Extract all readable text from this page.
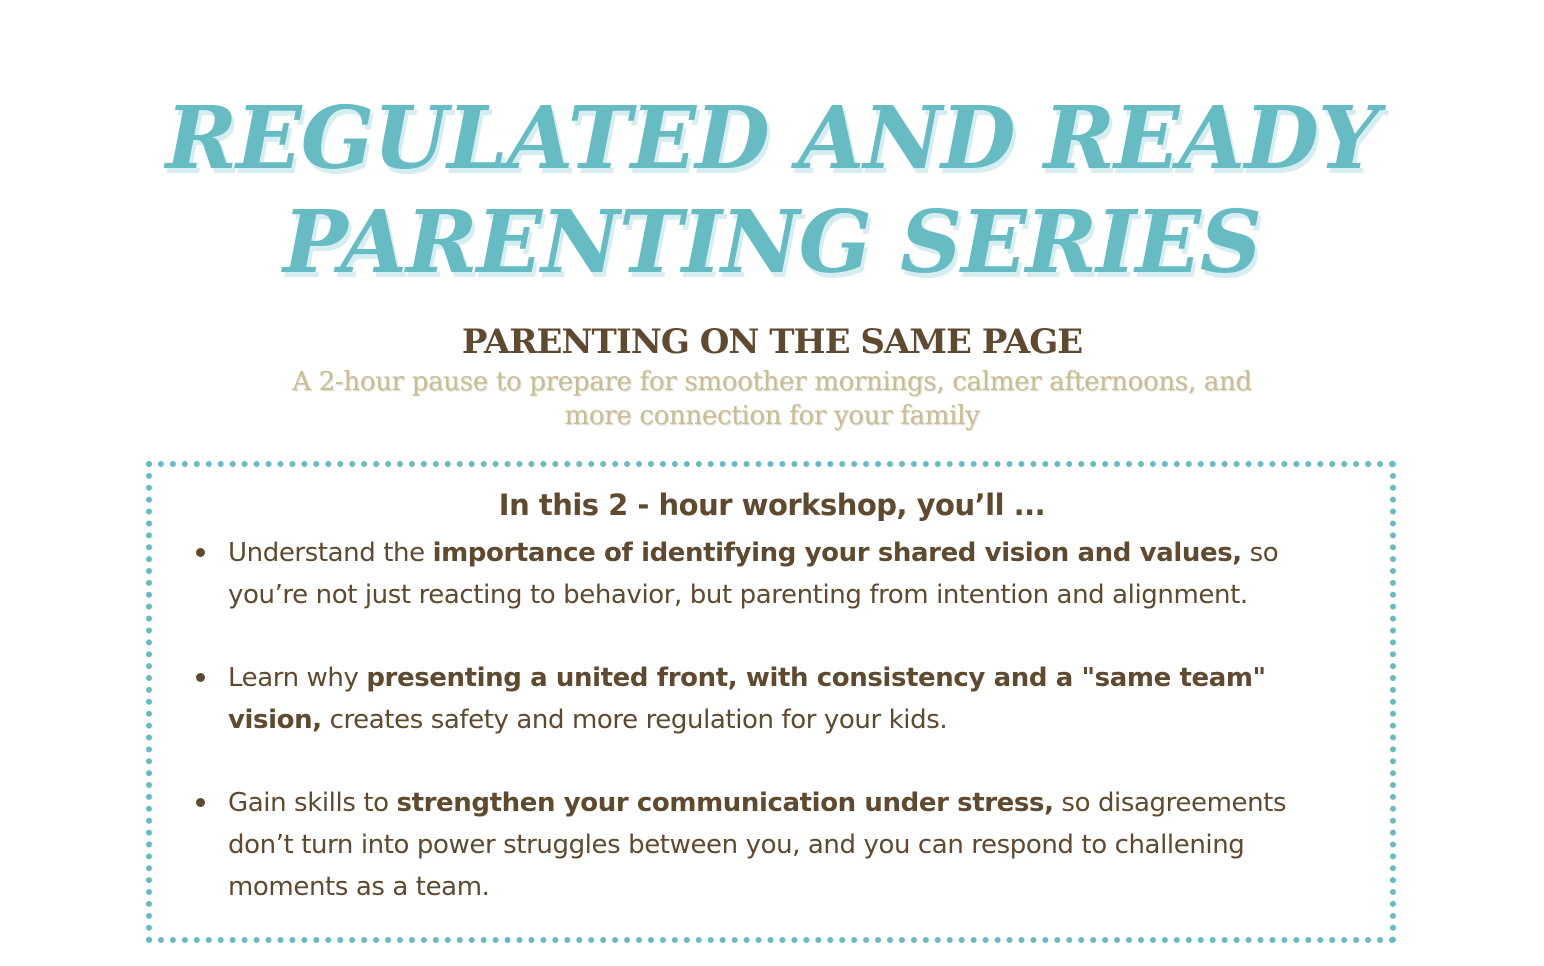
REGULATED AND READY
PARENTING SERIES
PARENTING ON THE SAME PAGE

A 2-hour pause to prepare for smoother mornings, calmer afternoons, and
more connection for your family

In this 2 - hour workshop, you’ll ...

Understand the importance of identifying your shared vision and values, so
you’re not just reacting to behavior, but parenting from intention and alignment.

Learn why presenting a united front, with consistency and a "same team"
vision, creates safety and more regulation for your kids.

Gain skills to strengthen your communication under stress, so disagreements
don’t turn into power struggles between you, and you can respond to challening
moments as a team.
